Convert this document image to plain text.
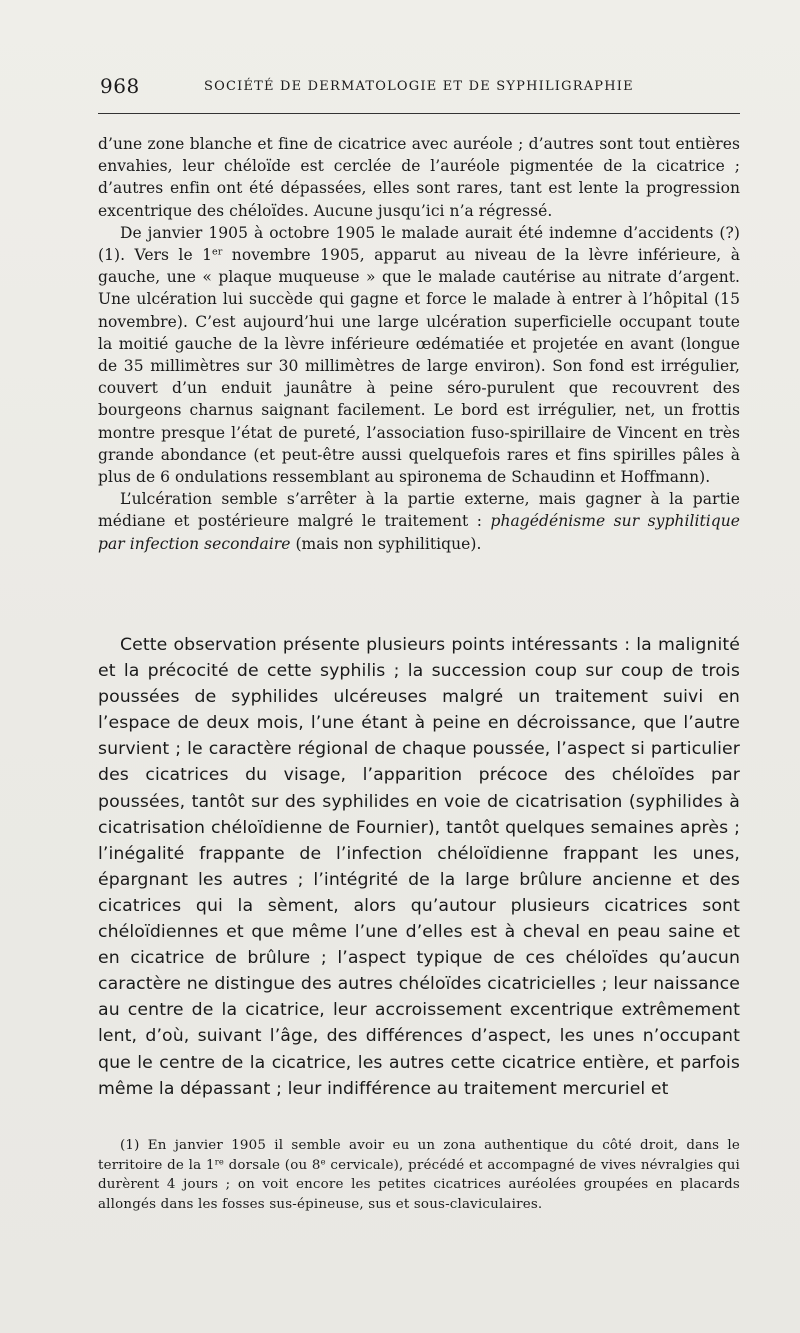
968	SOCIÉTÉ DE DERMATOLOGIE ET DE SYPHILIGRAPHIE

d’une zone blanche et fine de cicatrice avec auréole ; d’autres sont tout entières envahies, leur chéloïde est cerclée de l’auréole pigmentée de la cicatrice ; d’autres enfin ont été dépassées, elles sont rares, tant est lente la progression excentrique des chéloïdes. Aucune jusqu’ici n’a régressé.

De janvier 1905 à octobre 1905 le malade aurait été indemne d’accidents (?) (1). Vers le 1er novembre 1905, apparut au niveau de la lèvre inférieure, à gauche, une « plaque muqueuse » que le malade cautérise au nitrate d’argent. Une ulcération lui succède qui gagne et force le malade à entrer à l’hôpital (15 novembre). C’est aujourd’hui une large ulcération superficielle occupant toute la moitié gauche de la lèvre inférieure œdématiée et projetée en avant (longue de 35 millimètres sur 30 millimètres de large environ). Son fond est irrégulier, couvert d’un enduit jaunâtre à peine séro-purulent que recouvrent des bourgeons charnus saignant facilement. Le bord est irrégulier, net, un frottis montre presque l’état de pureté, l’association fuso-spirillaire de Vincent en très grande abondance (et peut-être aussi quelquefois rares et fins spirilles pâles à plus de 6 ondulations ressemblant au spironema de Schaudinn et Hoffmann).

L’ulcération semble s’arrêter à la partie externe, mais gagner à la partie médiane et postérieure malgré le traitement : phagédénisme sur syphilitique par infection secondaire (mais non syphilitique).

Cette observation présente plusieurs points intéressants : la malignité et la précocité de cette syphilis ; la succession coup sur coup de trois poussées de syphilides ulcéreuses malgré un traitement suivi en l’espace de deux mois, l’une étant à peine en décroissance, que l’autre survient ; le caractère régional de chaque poussée, l’aspect si particulier des cicatrices du visage, l’apparition précoce des chéloïdes par poussées, tantôt sur des syphilides en voie de cicatrisation (syphilides à cicatrisation chéloïdienne de Fournier), tantôt quelques semaines après ; l’inégalité frappante de l’infection chéloïdienne frappant les unes, épargnant les autres ; l’intégrité de la large brûlure ancienne et des cicatrices qui la sèment, alors qu’autour plusieurs cicatrices sont chéloïdiennes et que même l’une d’elles est à cheval en peau saine et en cicatrice de brûlure ; l’aspect typique de ces chéloïdes qu’aucun caractère ne distingue des autres chéloïdes cicatricielles ; leur naissance au centre de la cicatrice, leur accroissement excentrique extrêmement lent, d’où, suivant l’âge, des différences d’aspect, les unes n’occupant que le centre de la cicatrice, les autres cette cicatrice entière, et parfois même la dépassant ; leur indifférence au traitement mercuriel et

(1) En janvier 1905 il semble avoir eu un zona authentique du côté droit, dans le territoire de la 1re dorsale (ou 8e cervicale), précédé et accompagné de vives névralgies qui durèrent 4 jours ; on voit encore les petites cicatrices auréolées groupées en placards allongés dans les fosses sus-épineuse, sus et sous-claviculaires.
